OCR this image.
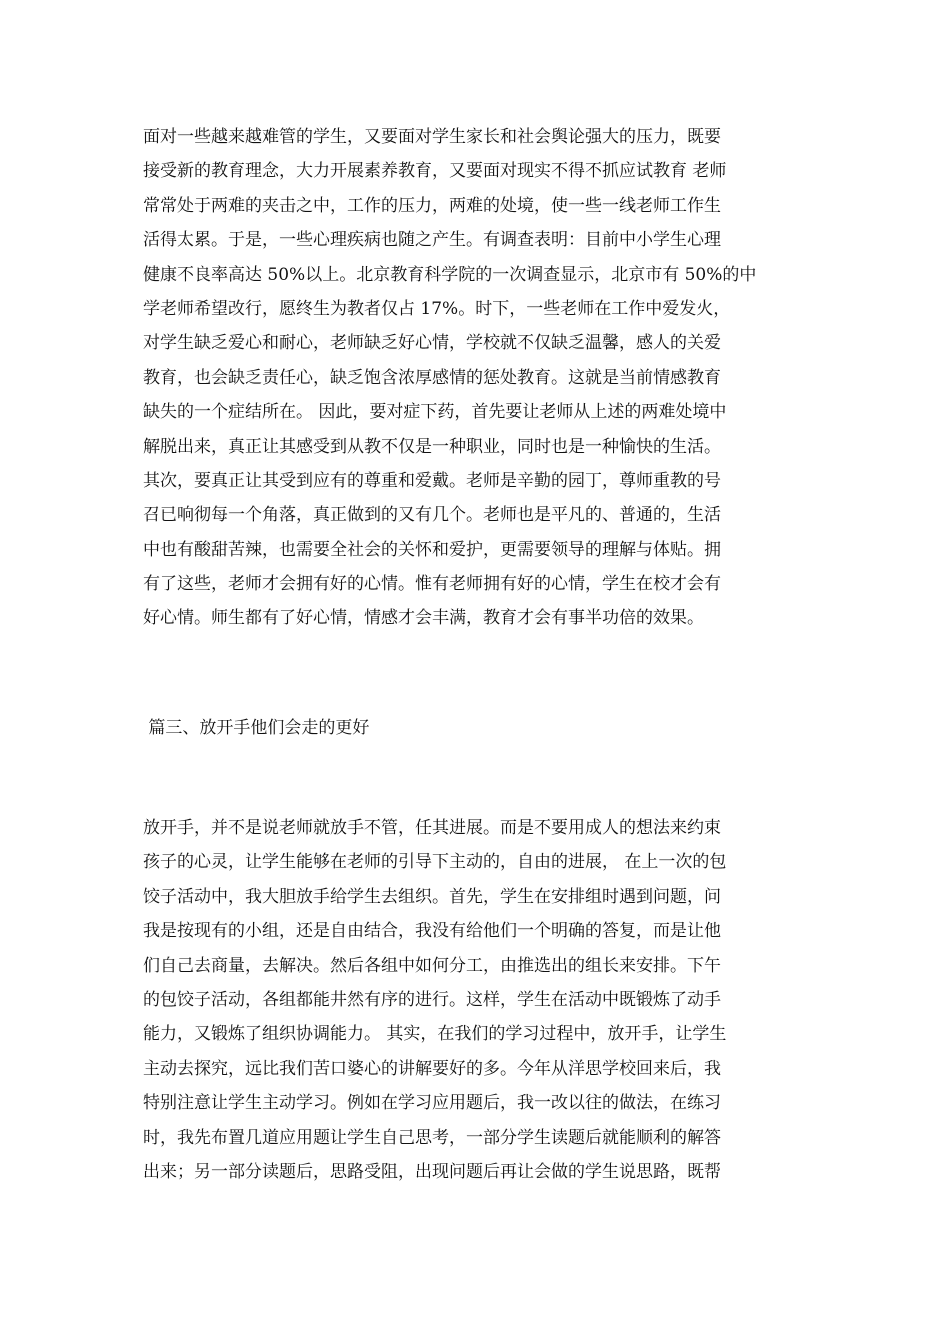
面对一些越来越难管的学生，又要面对学生家长和社会舆论强大的压力，既要
接受新的教育理念，大力开展素养教育，又要面对现实不得不抓应试教育 老师
常常处于两难的夹击之中，工作的压力，两难的处境，使一些一线老师工作生
活得太累。于是，一些心理疾病也随之产生。有调查表明：目前中小学生心理
健康不良率高达 50%以上。北京教育科学院的一次调查显示，北京市有 50%的中
学老师希望改行，愿终生为教者仅占 17%。时下，一些老师在工作中爱发火，
对学生缺乏爱心和耐心，老师缺乏好心情，学校就不仅缺乏温馨，感人的关爱
教育，也会缺乏责任心，缺乏饱含浓厚感情的惩处教育。这就是当前情感教育
缺失的一个症结所在。 因此，要对症下药，首先要让老师从上述的两难处境中
解脱出来，真正让其感受到从教不仅是一种职业，同时也是一种愉快的生活。
其次，要真正让其受到应有的尊重和爱戴。老师是辛勤的园丁，尊师重教的号
召已响彻每一个角落，真正做到的又有几个。老师也是平凡的、普通的，生活
中也有酸甜苦辣，也需要全社会的关怀和爱护，更需要领导的理解与体贴。拥
有了这些，老师才会拥有好的心情。惟有老师拥有好的心情，学生在校才会有
好心情。师生都有了好心情，情感才会丰满，教育才会有事半功倍的效果。
篇三、放开手他们会走的更好
放开手，并不是说老师就放手不管，任其进展。而是不要用成人的想法来约束
孩子的心灵，让学生能够在老师的引导下主动的，自由的进展， 在上一次的包
饺子活动中，我大胆放手给学生去组织。首先，学生在安排组时遇到问题，问
我是按现有的小组，还是自由结合，我没有给他们一个明确的答复，而是让他
们自己去商量，去解决。然后各组中如何分工，由推选出的组长来安排。下午
的包饺子活动，各组都能井然有序的进行。这样，学生在活动中既锻炼了动手
能力，又锻炼了组织协调能力。 其实，在我们的学习过程中，放开手，让学生
主动去探究，远比我们苦口婆心的讲解要好的多。今年从洋思学校回来后，我
特别注意让学生主动学习。例如在学习应用题后，我一改以往的做法，在练习
时，我先布置几道应用题让学生自己思考，一部分学生读题后就能顺利的解答
出来；另一部分读题后，思路受阻，出现问题后再让会做的学生说思路，既帮
